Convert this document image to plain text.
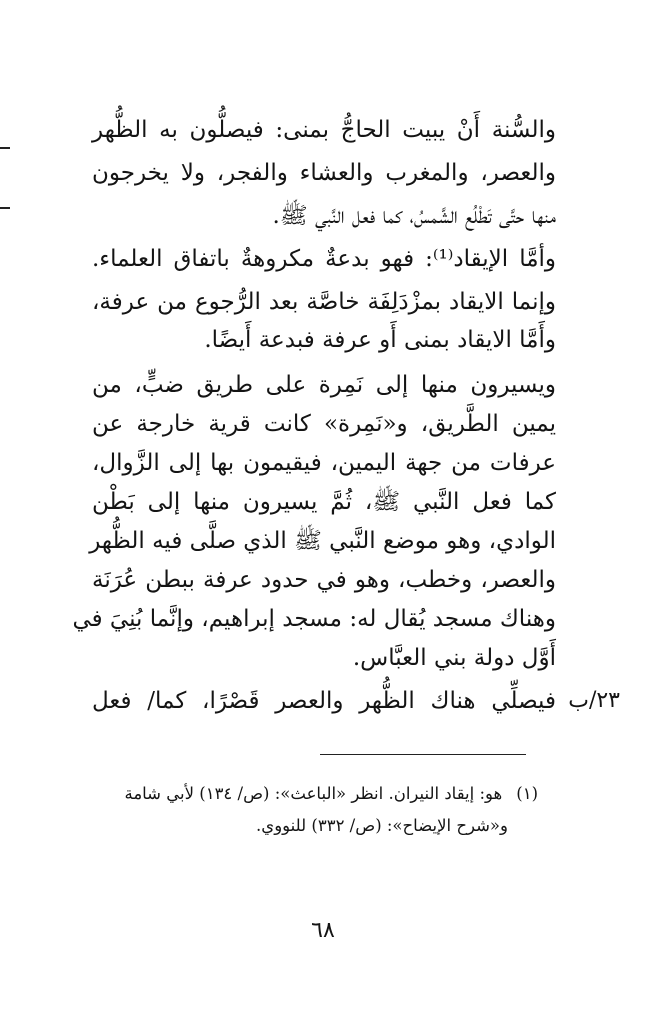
والسُّنة أَنْ يبيت الحاجُّ بمنى: فيصلُّون به الظُّهر
والعصر، والمغرب والعشاء والفجر، ولا يخرجون
منها حتَّى تَطْلُع الشَّمسُ، كما فعل النَّبي ﷺ.
وأمَّا الإيقاد⁽¹⁾: فهو بدعةٌ مكروهةٌ باتفاق العلماء.
وإنما الايقاد بمزْدَلِفَة خاصَّة بعد الرُّجوع من عرفة،
وأَمَّا الايقاد بمنى أَو عرفة فبدعة أَيضًا.
ويسيرون منها إلى نَمِرة على طريق ضبٍّ، من
يمين الطَّريق، و«نَمِرة» كانت قرية خارجة عن
عرفات من جهة اليمين، فيقيمون بها إلى الزَّوال،
كما فعل النَّبي ﷺ، ثُمَّ يسيرون منها إلى بَطْن
الوادي، وهو موضع النَّبي ﷺ الذي صلَّى فيه الظُّهر
والعصر، وخطب، وهو في حدود عرفة ببطن عُرَنَة
وهناك مسجد يُقال له: مسجد إبراهيم، وإنَّما بُنِيَ في
أَوَّل دولة بني العبَّاس.
فيصلِّي هناك الظُّهر والعصر قَصْرًا، كما/ فعل ٢٣/ب
(١)هو: إيقاد النيران. انظر «الباعث»: (ص/ ١٣٤) لأبي شامة
و«شرح الإيضاح»: (ص/ ٣٣٢) للنووي.
٦٨
